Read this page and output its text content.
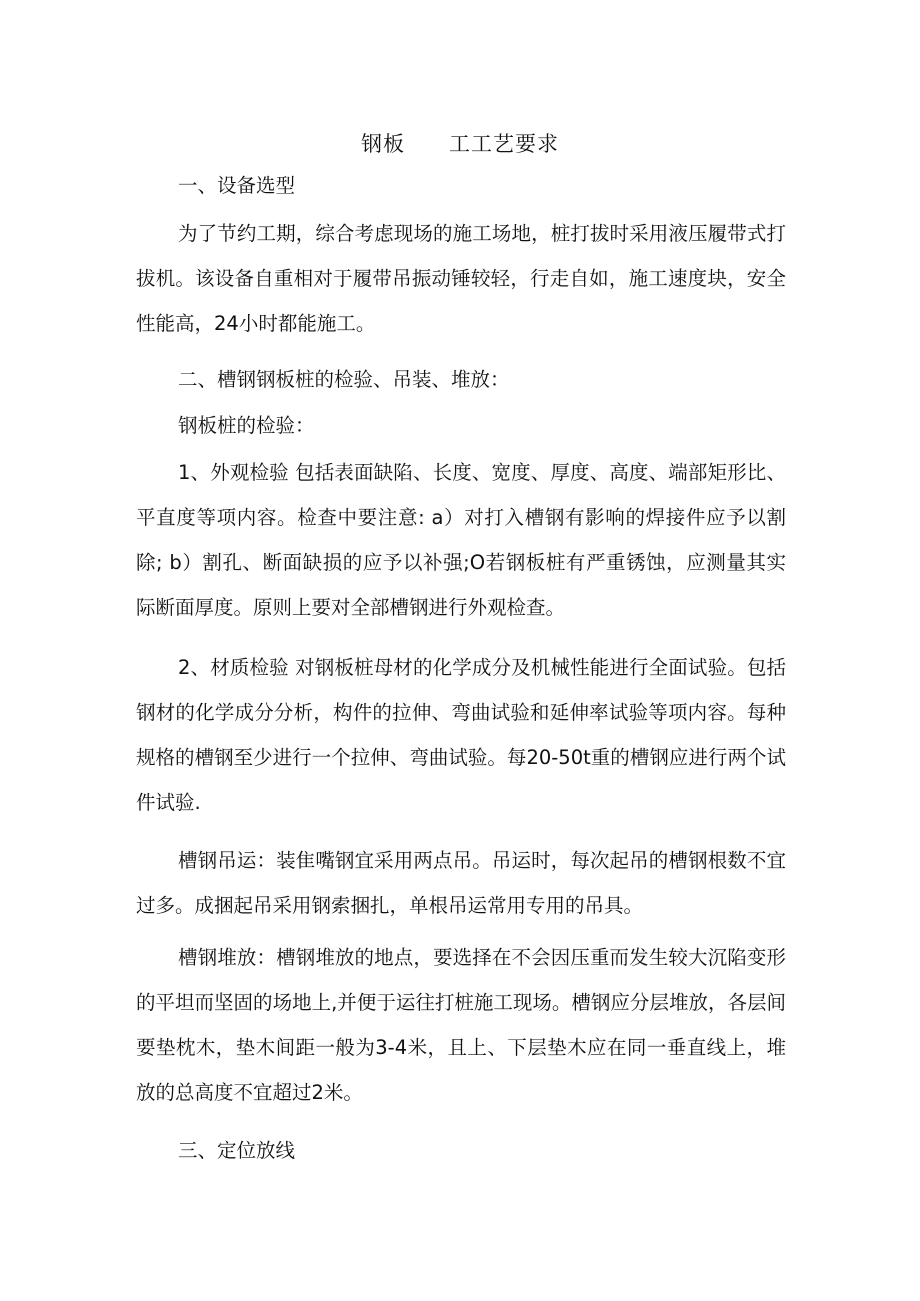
钢板 工工艺要求

一、设备选型

为了节约工期，综合考虑现场的施工场地，桩打拔时采用液压履带式打拔机。该设备自重相对于履带吊振动锤较轻，行走自如，施工速度块，安全性能高，24小时都能施工。

二、槽钢钢板桩的检验、吊装、堆放：

钢板桩的检验：

1、外观检验 包括表面缺陷、长度、宽度、厚度、高度、端部矩形比、平直度等项内容。检查中要注意: a）对打入槽钢有影响的焊接件应予以割除; b）割孔、断面缺损的应予以补强;O若钢板桩有严重锈蚀，应测量其实际断面厚度。原则上要对全部槽钢进行外观检查。

2、材质检验 对钢板桩母材的化学成分及机械性能进行全面试验。包括钢材的化学成分分析，构件的拉伸、弯曲试验和延伸率试验等项内容。每种规格的槽钢至少进行一个拉伸、弯曲试验。每20-50t重的槽钢应进行两个试件试验.

槽钢吊运：装隹嘴钢宜采用两点吊。吊运时，每次起吊的槽钢根数不宜过多。成捆起吊采用钢索捆扎，单根吊运常用专用的吊具。

槽钢堆放：槽钢堆放的地点，要选择在不会因压重而发生较大沉陷变形的平坦而坚固的场地上,并便于运往打桩施工现场。槽钢应分层堆放，各层间要垫枕木，垫木间距一般为3-4米，且上、下层垫木应在同一垂直线上，堆放的总高度不宜超过2米。

三、定位放线
